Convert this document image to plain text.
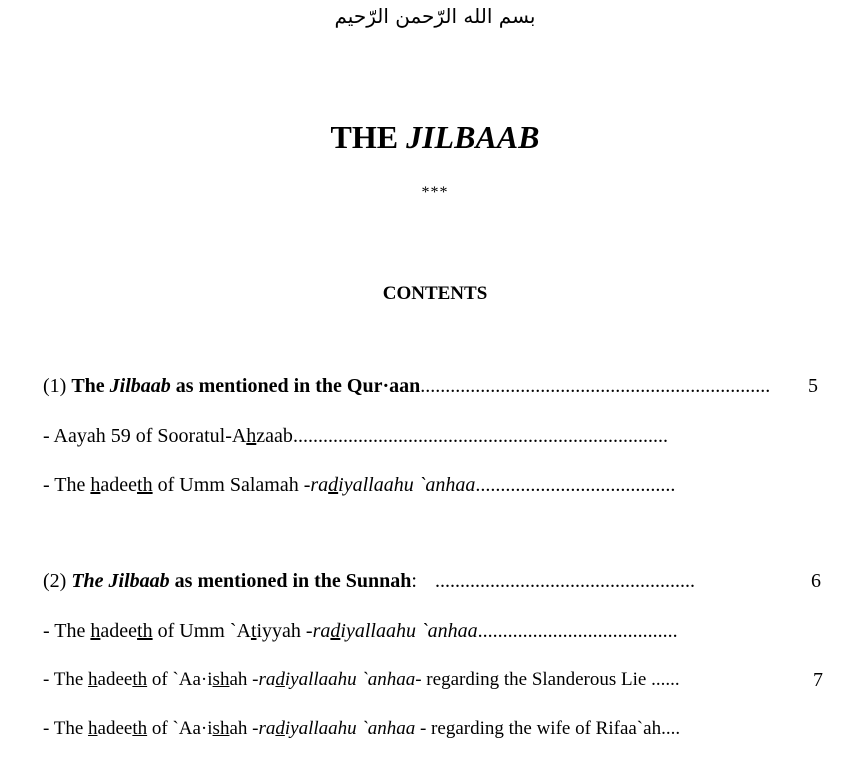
بسم الله الرّحمن الرّحيم
THE JILBAAB
***
CONTENTS
(1) The Jilbaab as mentioned in the Qur·aan...................................................................... 5
- Aayah 59 of Sooratul-Ahzaab...........................................................................
- The hadeeth of Umm Salamah -radiyallaahu `anhaa........................................
(2) The Jilbaab as mentioned in the Sunnah: ....................................................	6
- The hadeeth of Umm `Atiyyah -radiyallaahu `anhaa........................................
- The hadeeth of `Aa·ishah -radiyallaahu `anhaa- regarding the Slanderous Lie ......	7
- The hadeeth of `Aa·ishah -radiyallaahu `anhaa - regarding the wife of Rifaa`ah....
